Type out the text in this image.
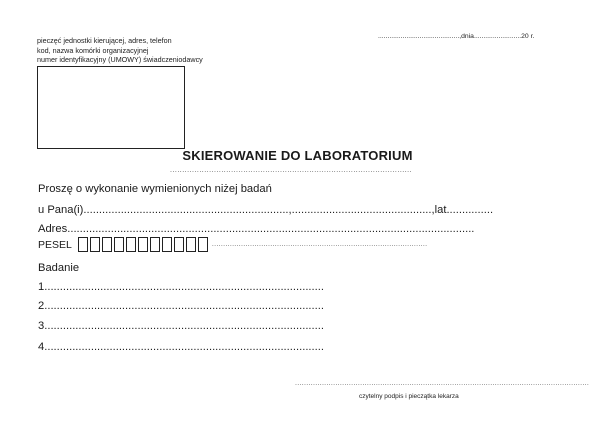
pieczęć jednostki kierującej, adres, telefon
kod, nazwa komórki organizacyjnej
numer identyfikacyjny (UMOWY) świadczeniodawcy
...........................................,dnia.........................20 r.
SKIEROWANIE DO LABORATORIUM
...................................................................................................
Proszę o wykonanie wymienionych niżej badań
u Pana(i)..................................................................,.............................................,lat...............
Adres...................................................................................................................................
PESEL	................................................................................................
Badanie
1..........................................................................................
2..........................................................................................
3..........................................................................................
4..........................................................................................
...................................................................................................................................
czytelny podpis i pieczątka lekarza
